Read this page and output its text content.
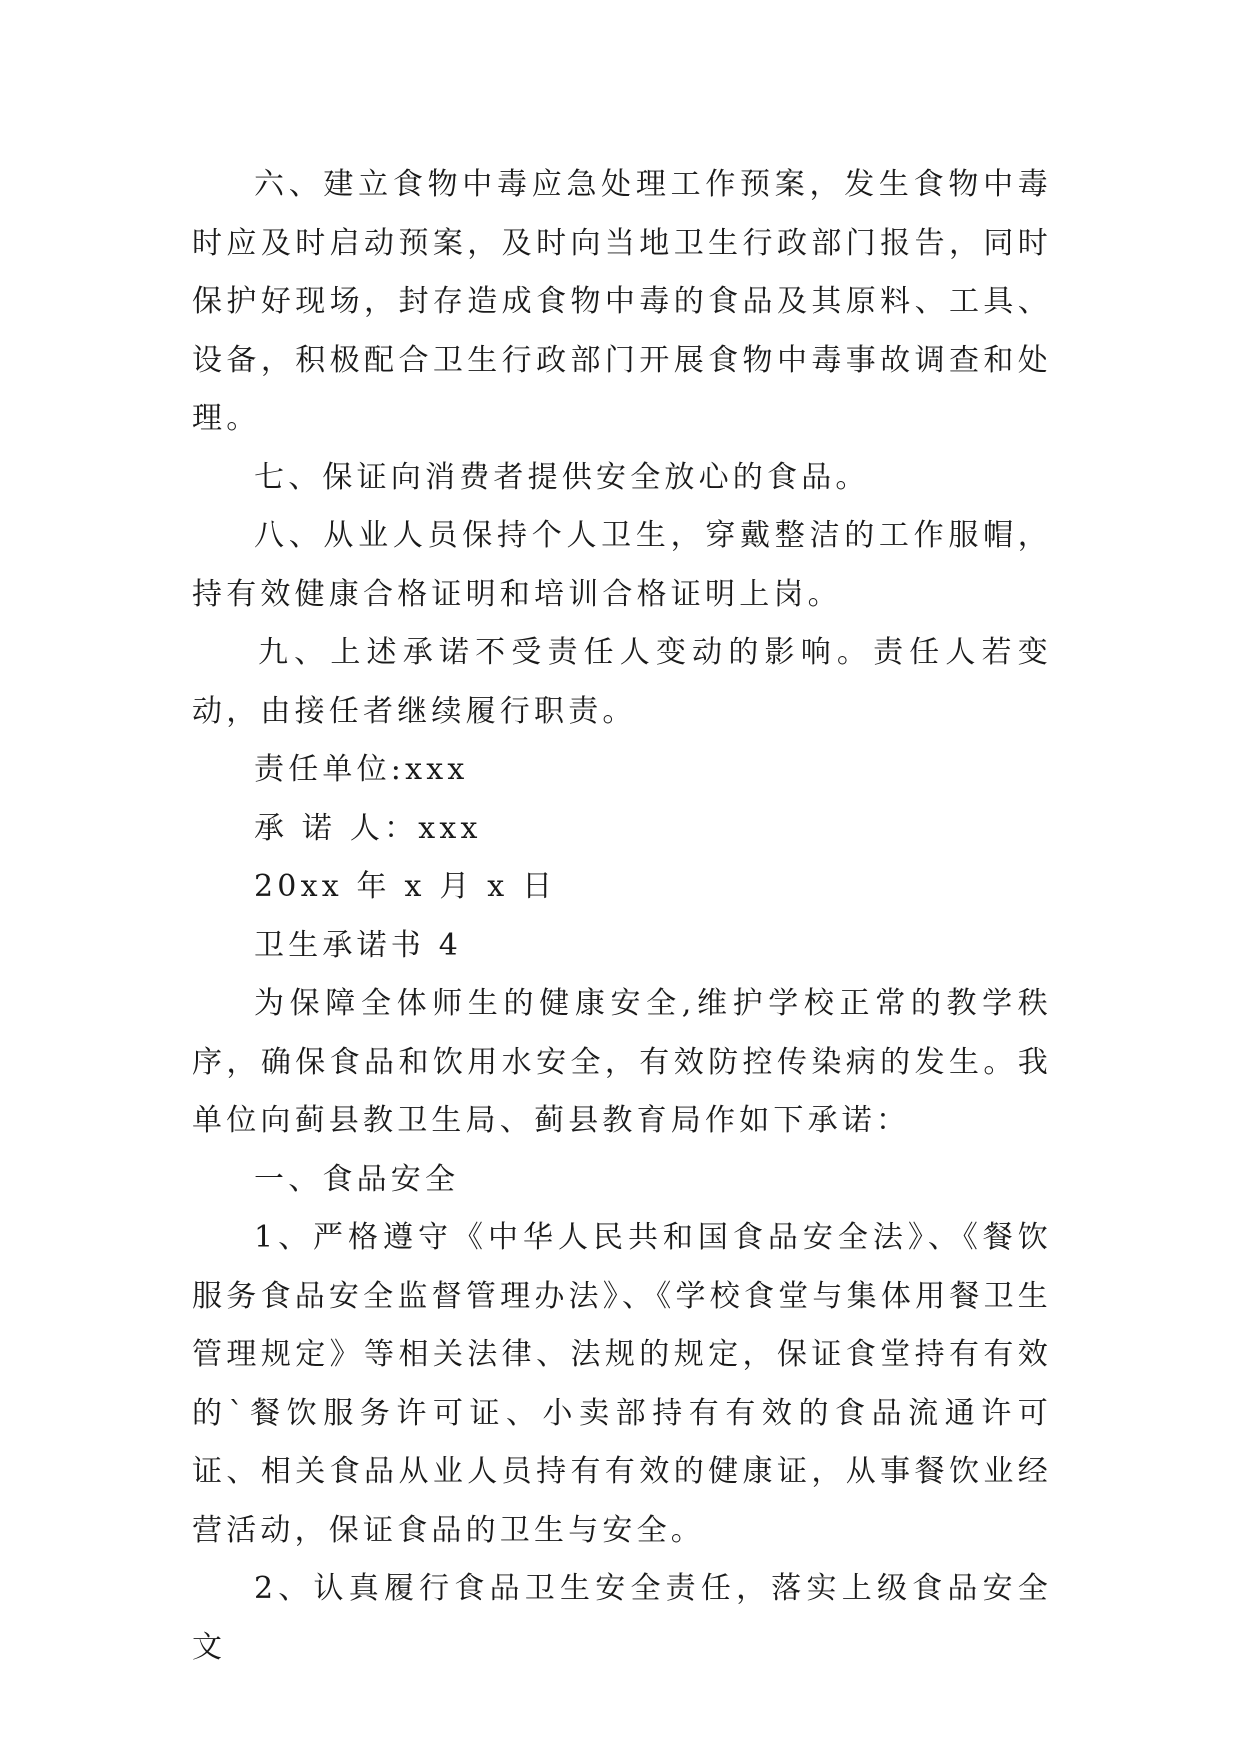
六、建立食物中毒应急处理工作预案，发生食物中毒时应及时启动预案，及时向当地卫生行政部门报告，同时保护好现场，封存造成食物中毒的食品及其原料、工具、设备，积极配合卫生行政部门开展食物中毒事故调查和处理。

七、保证向消费者提供安全放心的食品。

八、从业人员保持个人卫生，穿戴整洁的工作服帽，持有效健康合格证明和培训合格证明上岗。

九、上述承诺不受责任人变动的影响。责任人若变动，由接任者继续履行职责。

责任单位:xxx

承 诺 人：xxx

20xx 年 x 月 x 日

卫生承诺书 4

为保障全体师生的健康安全,维护学校正常的教学秩序，确保食品和饮用水安全，有效防控传染病的发生。我单位向蓟县教卫生局、蓟县教育局作如下承诺：

一、食品安全

1、严格遵守《中华人民共和国食品安全法》、《餐饮服务食品安全监督管理办法》、《学校食堂与集体用餐卫生管理规定》等相关法律、法规的规定，保证食堂持有有效的`餐饮服务许可证、小卖部持有有效的食品流通许可证、相关食品从业人员持有有效的健康证，从事餐饮业经营活动，保证食品的卫生与安全。

2、认真履行食品卫生安全责任，落实上级食品安全文
